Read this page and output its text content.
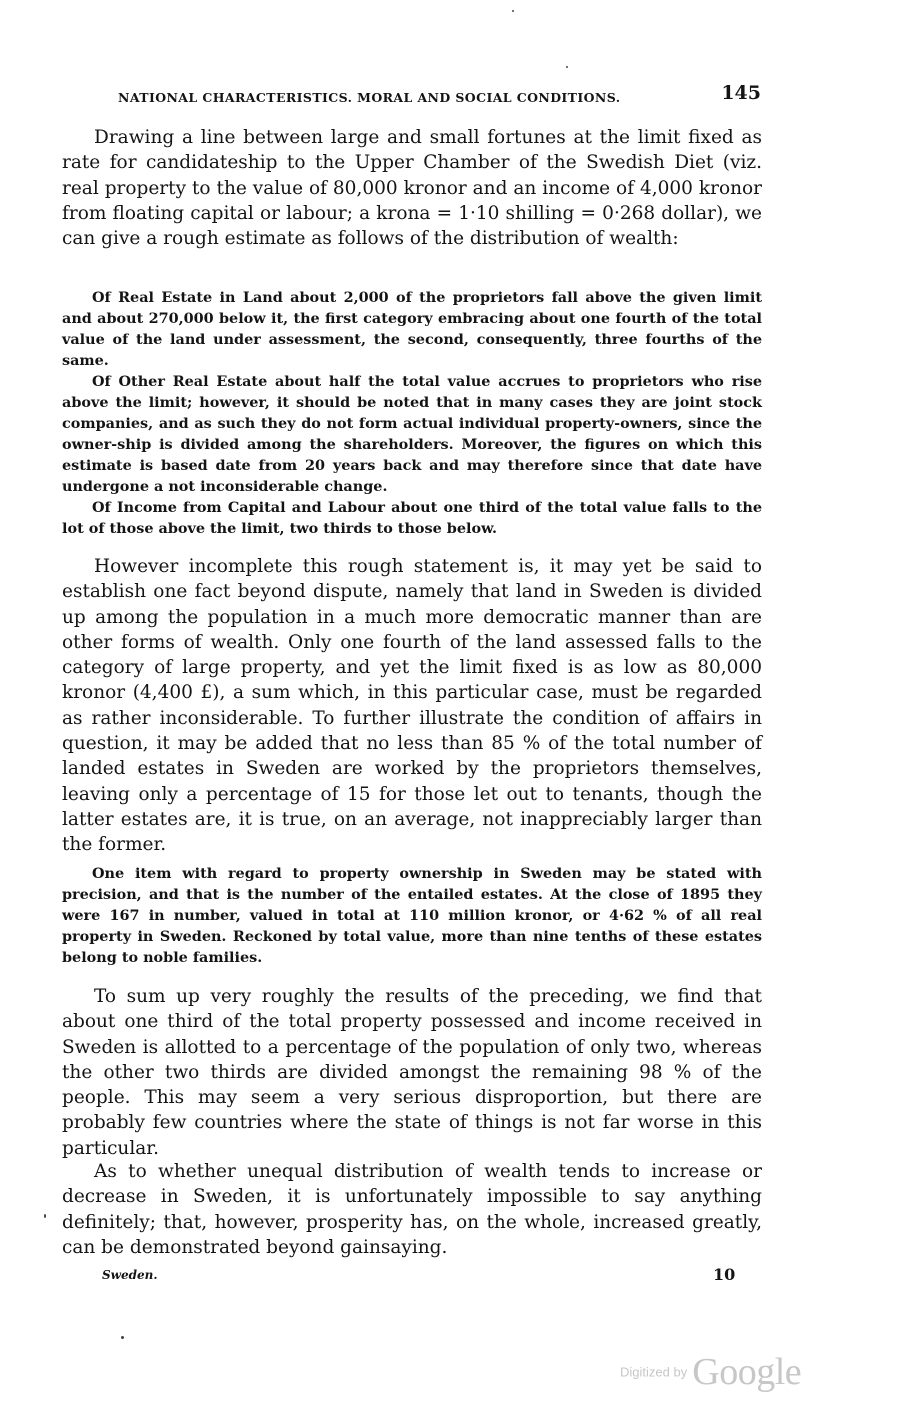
NATIONAL CHARACTERISTICS. MORAL AND SOCIAL CONDITIONS.	145

Drawing a line between large and small fortunes at the limit fixed as rate for candidateship to the Upper Chamber of the Swedish Diet (viz. real property to the value of 80,000 kronor and an income of 4,000 kronor from floating capital or labour; a krona = 1·10 shilling = 0·268 dollar), we can give a rough estimate as follows of the distribution of wealth:

Of Real Estate in Land about 2,000 of the proprietors fall above the given limit and about 270,000 below it, the first category embracing about one fourth of the total value of the land under assessment, the second, consequently, three fourths of the same.

Of Other Real Estate about half the total value accrues to proprietors who rise above the limit; however, it should be noted that in many cases they are joint stock companies, and as such they do not form actual individual property-owners, since the owner-ship is divided among the shareholders. Moreover, the figures on which this estimate is based date from 20 years back and may therefore since that date have undergone a not inconsiderable change.

Of Income from Capital and Labour about one third of the total value falls to the lot of those above the limit, two thirds to those below.

However incomplete this rough statement is, it may yet be said to establish one fact beyond dispute, namely that land in Sweden is divided up among the population in a much more democratic manner than are other forms of wealth. Only one fourth of the land assessed falls to the category of large property, and yet the limit fixed is as low as 80,000 kronor (4,400 £), a sum which, in this particular case, must be regarded as rather inconsiderable. To further illustrate the condition of affairs in question, it may be added that no less than 85 % of the total number of landed estates in Sweden are worked by the proprietors themselves, leaving only a percentage of 15 for those let out to tenants, though the latter estates are, it is true, on an average, not inappreciably larger than the former.

One item with regard to property ownership in Sweden may be stated with precision, and that is the number of the entailed estates. At the close of 1895 they were 167 in number, valued in total at 110 million kronor, or 4·62 % of all real property in Sweden. Reckoned by total value, more than nine tenths of these estates belong to noble families.

To sum up very roughly the results of the preceding, we find that about one third of the total property possessed and income received in Sweden is allotted to a percentage of the population of only two, whereas the other two thirds are divided amongst the remaining 98 % of the people. This may seem a very serious disproportion, but there are probably few countries where the state of things is not far worse in this particular.

As to whether unequal distribution of wealth tends to increase or decrease in Sweden, it is unfortunately impossible to say anything definitely; that, however, prosperity has, on the whole, increased greatly, can be demonstrated beyond gainsaying.

Sweden.	10
Digitized by Google
